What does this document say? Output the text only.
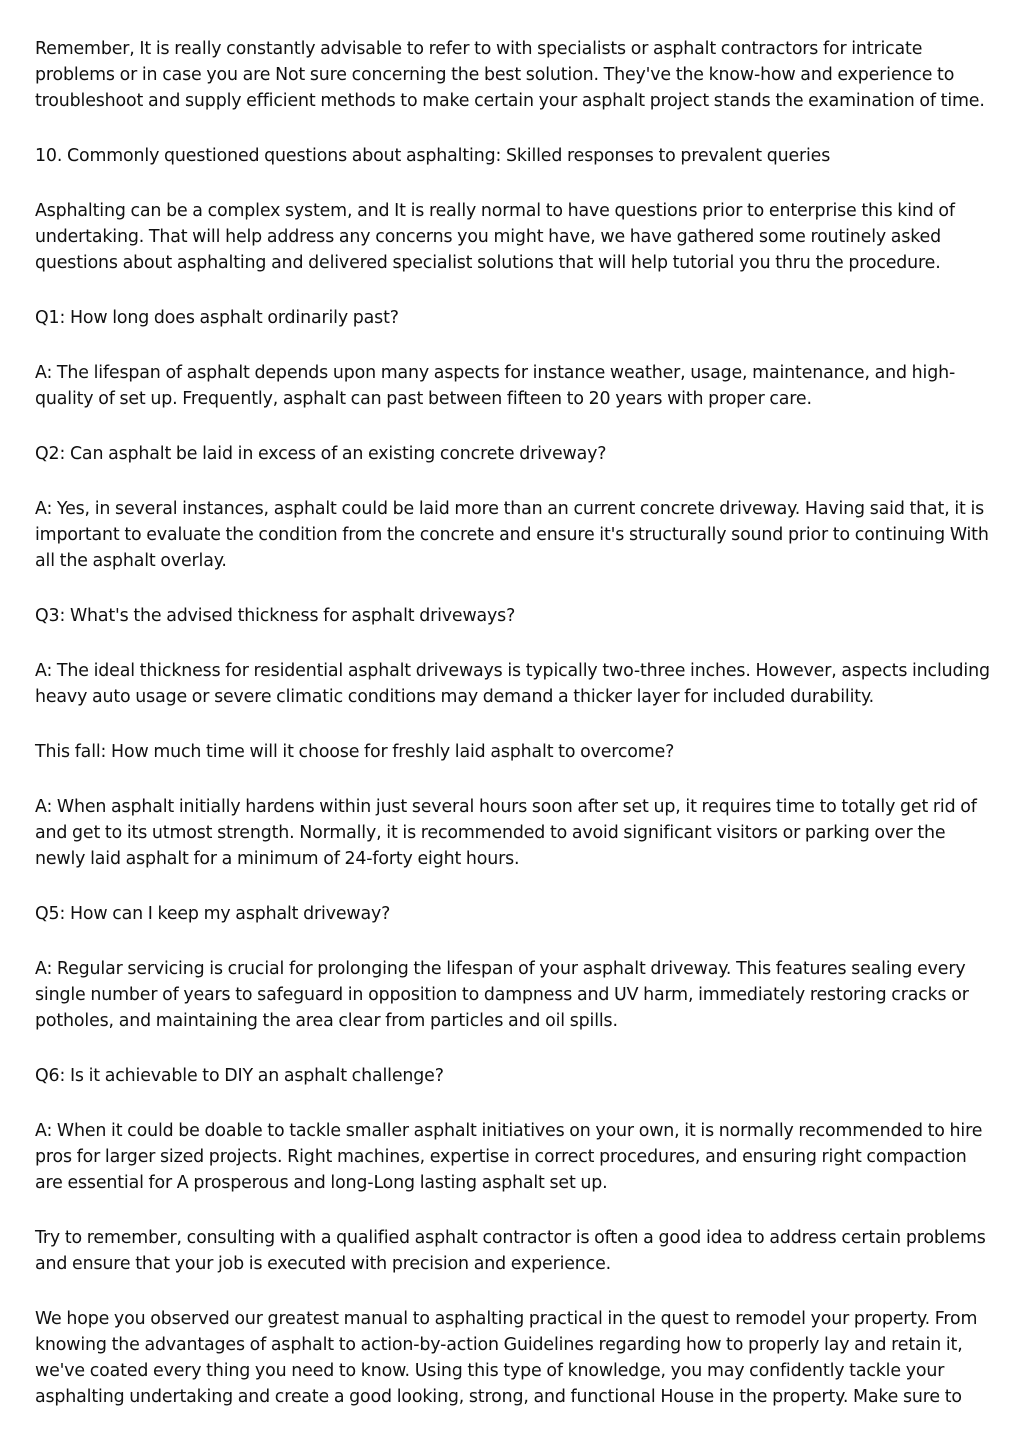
Remember, It is really constantly advisable to refer to with specialists or asphalt contractors for intricate problems or in case you are Not sure concerning the best solution. They've the know-how and experience to troubleshoot and supply efficient methods to make certain your asphalt project stands the examination of time.

10. Commonly questioned questions about asphalting: Skilled responses to prevalent queries

Asphalting can be a complex system, and It is really normal to have questions prior to enterprise this kind of undertaking. That will help address any concerns you might have, we have gathered some routinely asked questions about asphalting and delivered specialist solutions that will help tutorial you thru the procedure.

Q1: How long does asphalt ordinarily past?

A: The lifespan of asphalt depends upon many aspects for instance weather, usage, maintenance, and high-quality of set up. Frequently, asphalt can past between fifteen to 20 years with proper care.

Q2: Can asphalt be laid in excess of an existing concrete driveway?

A: Yes, in several instances, asphalt could be laid more than an current concrete driveway. Having said that, it is important to evaluate the condition from the concrete and ensure it's structurally sound prior to continuing With all the asphalt overlay.

Q3: What's the advised thickness for asphalt driveways?

A: The ideal thickness for residential asphalt driveways is typically two-three inches. However, aspects including heavy auto usage or severe climatic conditions may demand a thicker layer for included durability.

This fall: How much time will it choose for freshly laid asphalt to overcome?

A: When asphalt initially hardens within just several hours soon after set up, it requires time to totally get rid of and get to its utmost strength. Normally, it is recommended to avoid significant visitors or parking over the newly laid asphalt for a minimum of 24-forty eight hours.

Q5: How can I keep my asphalt driveway?

A: Regular servicing is crucial for prolonging the lifespan of your asphalt driveway. This features sealing every single number of years to safeguard in opposition to dampness and UV harm, immediately restoring cracks or potholes, and maintaining the area clear from particles and oil spills.

Q6: Is it achievable to DIY an asphalt challenge?

A: When it could be doable to tackle smaller asphalt initiatives on your own, it is normally recommended to hire pros for larger sized projects. Right machines, expertise in correct procedures, and ensuring right compaction are essential for A prosperous and long-Long lasting asphalt set up.

Try to remember, consulting with a qualified asphalt contractor is often a good idea to address certain problems and ensure that your job is executed with precision and experience.

We hope you observed our greatest manual to asphalting practical in the quest to remodel your property. From knowing the advantages of asphalt to action-by-action Guidelines regarding how to properly lay and retain it, we've coated every thing you need to know. Using this type of knowledge, you may confidently tackle your asphalting undertaking and create a good looking, strong, and functional House in the property. Make sure to
